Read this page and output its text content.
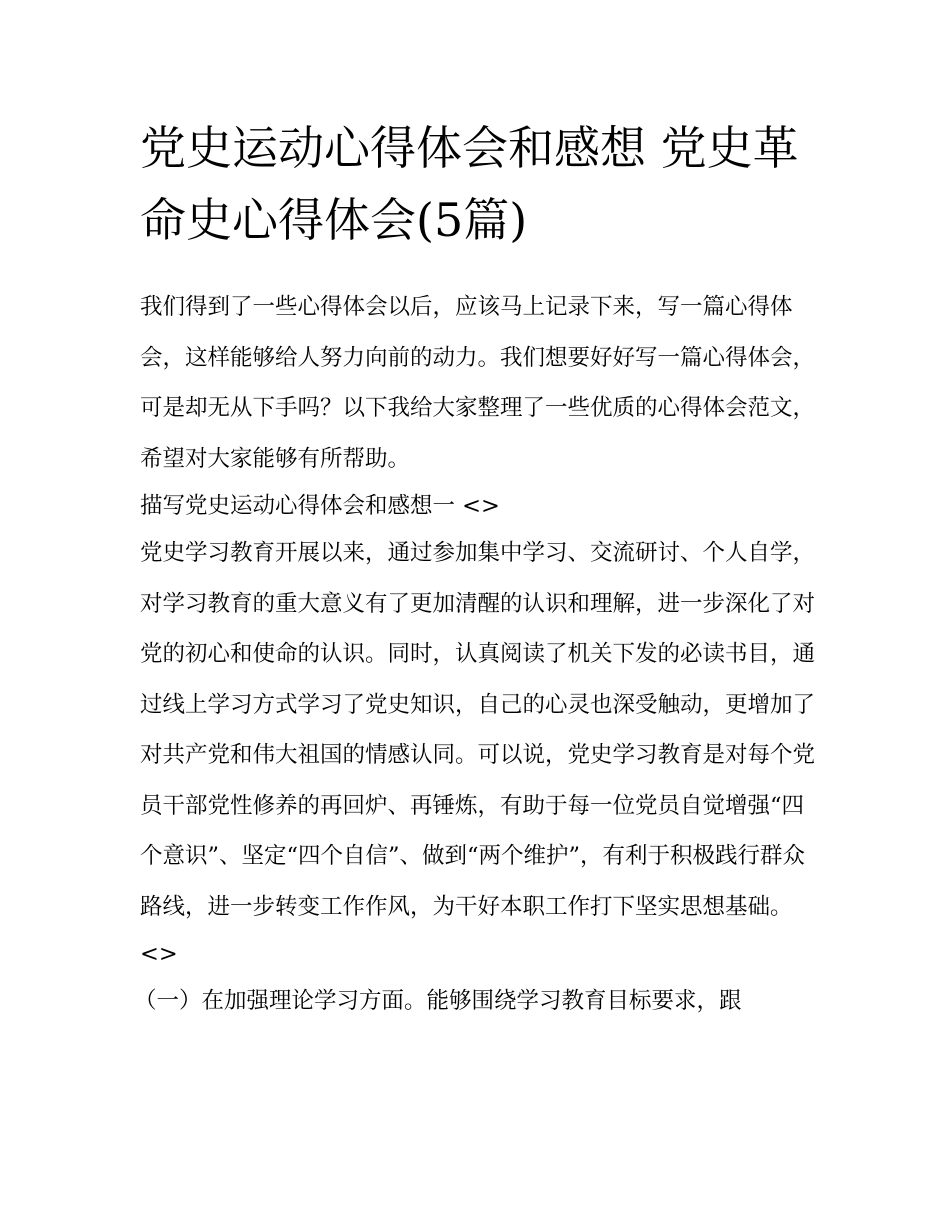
党史运动心得体会和感想 党史革命史心得体会(5篇)

我们得到了一些心得体会以后，应该马上记录下来，写一篇心得体会，这样能够给人努力向前的动力。我们想要好好写一篇心得体会，可是却无从下手吗？以下我给大家整理了一些优质的心得体会范文，希望对大家能够有所帮助。

描写党史运动心得体会和感想一 <>

党史学习教育开展以来，通过参加集中学习、交流研讨、个人自学，对学习教育的重大意义有了更加清醒的认识和理解，进一步深化了对党的初心和使命的认识。同时，认真阅读了机关下发的必读书目，通过线上学习方式学习了党史知识，自己的心灵也深受触动，更增加了对共产党和伟大祖国的情感认同。可以说，党史学习教育是对每个党员干部党性修养的再回炉、再锤炼，有助于每一位党员自觉增强“四个意识”、坚定“四个自信”、做到“两个维护”，有利于积极践行群众路线，进一步转变工作作风，为干好本职工作打下坚实思想基础。

<>

（一）在加强理论学习方面。能够围绕学习教育目标要求，跟
